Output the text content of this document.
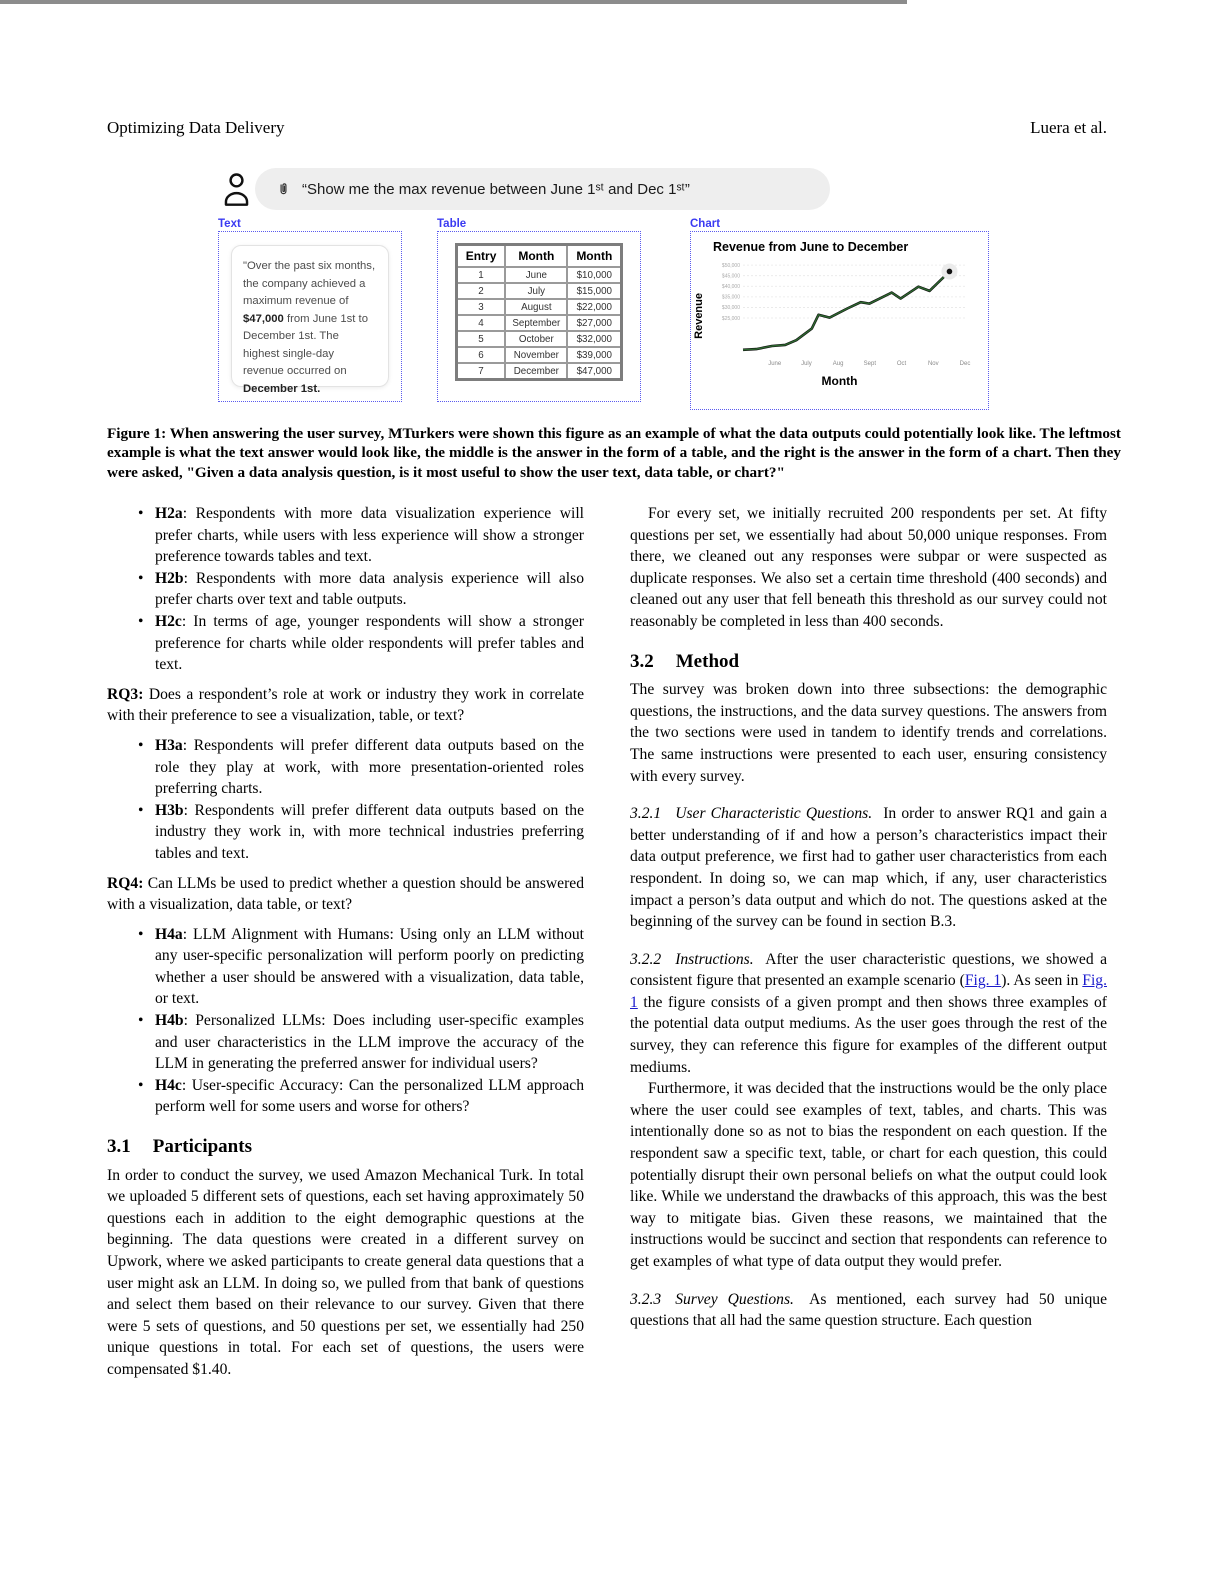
Optimizing Data Delivery	Luera et al.
“Show me the max revenue between June 1ˢᵗ and Dec 1ˢᵗ”
Text
"Over the past six months, the company achieved a maximum revenue of $47,000 from June 1st to December 1st. The highest single-day revenue occurred on December 1st.
Table
Entry	Month	Month
1	June	$10,000
2	July	$15,000
3	August	$22,000
4	September	$27,000
5	October	$32,000
6	November	$39,000
7	December	$47,000
Chart
Revenue from June to December
Revenue
$50,000
$45,000
$40,000
$35,000
$30,000
$25,000
June	July	Aug	Sept	Oct	Nov	Dec
Month
Figure 1: When answering the user survey, MTurkers were shown this figure as an example of what the data outputs could potentially look like. The leftmost example is what the text answer would look like, the middle is the answer in the form of a table, and the right is the answer in the form of a chart. Then they were asked, "Given a data analysis question, is it most useful to show the user text, data table, or chart?"
• H2a: Respondents with more data visualization experience will prefer charts, while users with less experience will show a stronger preference towards tables and text.
• H2b: Respondents with more data analysis experience will also prefer charts over text and table outputs.
• H2c: In terms of age, younger respondents will show a stronger preference for charts while older respondents will prefer tables and text.
RQ3: Does a respondent’s role at work or industry they work in correlate with their preference to see a visualization, table, or text?
• H3a: Respondents will prefer different data outputs based on the role they play at work, with more presentation-oriented roles preferring charts.
• H3b: Respondents will prefer different data outputs based on the industry they work in, with more technical industries preferring tables and text.
RQ4: Can LLMs be used to predict whether a question should be answered with a visualization, data table, or text?
• H4a: LLM Alignment with Humans: Using only an LLM without any user-specific personalization will perform poorly on predicting whether a user should be answered with a visualization, data table, or text.
• H4b: Personalized LLMs: Does including user-specific examples and user characteristics in the LLM improve the accuracy of the LLM in generating the preferred answer for individual users?
• H4c: User-specific Accuracy: Can the personalized LLM approach perform well for some users and worse for others?
3.1 Participants
In order to conduct the survey, we used Amazon Mechanical Turk. In total we uploaded 5 different sets of questions, each set having approximately 50 questions each in addition to the eight demographic questions at the beginning. The data questions were created in a different survey on Upwork, where we asked participants to create general data questions that a user might ask an LLM. In doing so, we pulled from that bank of questions and select them based on their relevance to our survey. Given that there were 5 sets of questions, and 50 questions per set, we essentially had 250 unique questions in total. For each set of questions, the users were compensated $1.40.
For every set, we initially recruited 200 respondents per set. At fifty questions per set, we essentially had about 50,000 unique responses. From there, we cleaned out any responses were subpar or were suspected as duplicate responses. We also set a certain time threshold (400 seconds) and cleaned out any user that fell beneath this threshold as our survey could not reasonably be completed in less than 400 seconds.
3.2 Method
The survey was broken down into three subsections: the demographic questions, the instructions, and the data survey questions. The answers from the two sections were used in tandem to identify trends and correlations. The same instructions were presented to each user, ensuring consistency with every survey.
3.2.1 User Characteristic Questions. In order to answer RQ1 and gain a better understanding of if and how a person’s characteristics impact their data output preference, we first had to gather user characteristics from each respondent. In doing so, we can map which, if any, user characteristics impact a person’s data output and which do not. The questions asked at the beginning of the survey can be found in section B.3.
3.2.2 Instructions. After the user characteristic questions, we showed a consistent figure that presented an example scenario (Fig. 1). As seen in Fig. 1 the figure consists of a given prompt and then shows three examples of the potential data output mediums. As the user goes through the rest of the survey, they can reference this figure for examples of the different output mediums.
Furthermore, it was decided that the instructions would be the only place where the user could see examples of text, tables, and charts. This was intentionally done so as not to bias the respondent on each question. If the respondent saw a specific text, table, or chart for each question, this could potentially disrupt their own personal beliefs on what the output could look like. While we understand the drawbacks of this approach, this was the best way to mitigate bias. Given these reasons, we maintained that the instructions would be succinct and section that respondents can reference to get examples of what type of data output they would prefer.
3.2.3 Survey Questions. As mentioned, each survey had 50 unique questions that all had the same question structure. Each question
